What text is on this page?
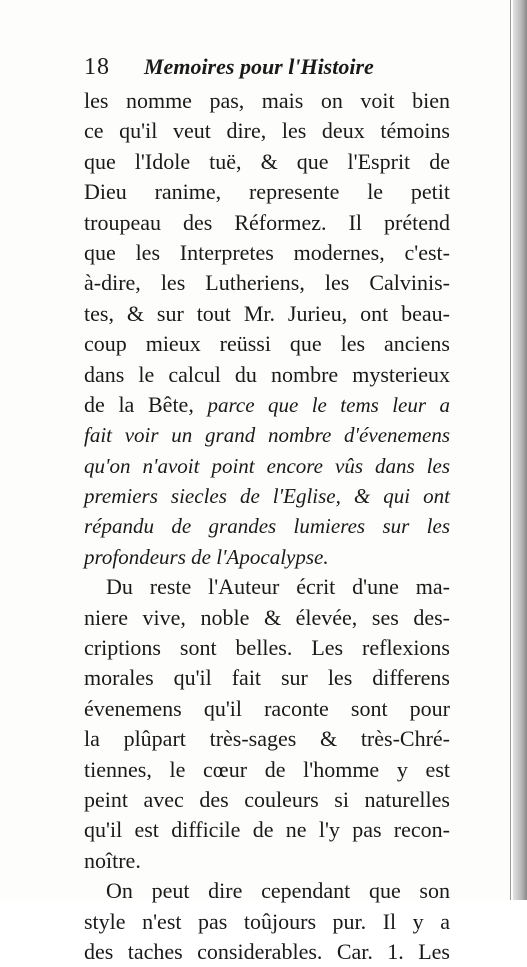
18 Memoires pour l'Histoire
les nomme pas, mais on voit bien
ce qu'il veut dire, les deux témoins
que l'Idole tuë, & que l'Esprit de
Dieu ranime, represente le petit
troupeau des Réformez. Il prétend
que les Interpretes modernes, c'est-
à-dire, les Lutheriens, les Calvinis-
tes, & sur tout Mr. Jurieu, ont beau-
coup mieux reüssi que les anciens
dans le calcul du nombre mysterieux
de la Bête, parce que le tems leur a
fait voir un grand nombre d'évenemens
qu'on n'avoit point encore vûs dans les
premiers siecles de l'Eglise, & qui ont
répandu de grandes lumieres sur les
profondeurs de l'Apocalypse.
Du reste l'Auteur écrit d'une ma-
niere vive, noble & élevée, ses des-
criptions sont belles. Les reflexions
morales qu'il fait sur les differens
évenemens qu'il raconte sont pour
la plûpart très-sages & très-Chré-
tiennes, le cœur de l'homme y est
peint avec des couleurs si naturelles
qu'il est difficile de ne l'y pas recon-
noître.
On peut dire cependant que son
style n'est pas toûjours pur. Il y a
des taches considerables. Car. 1. Les
